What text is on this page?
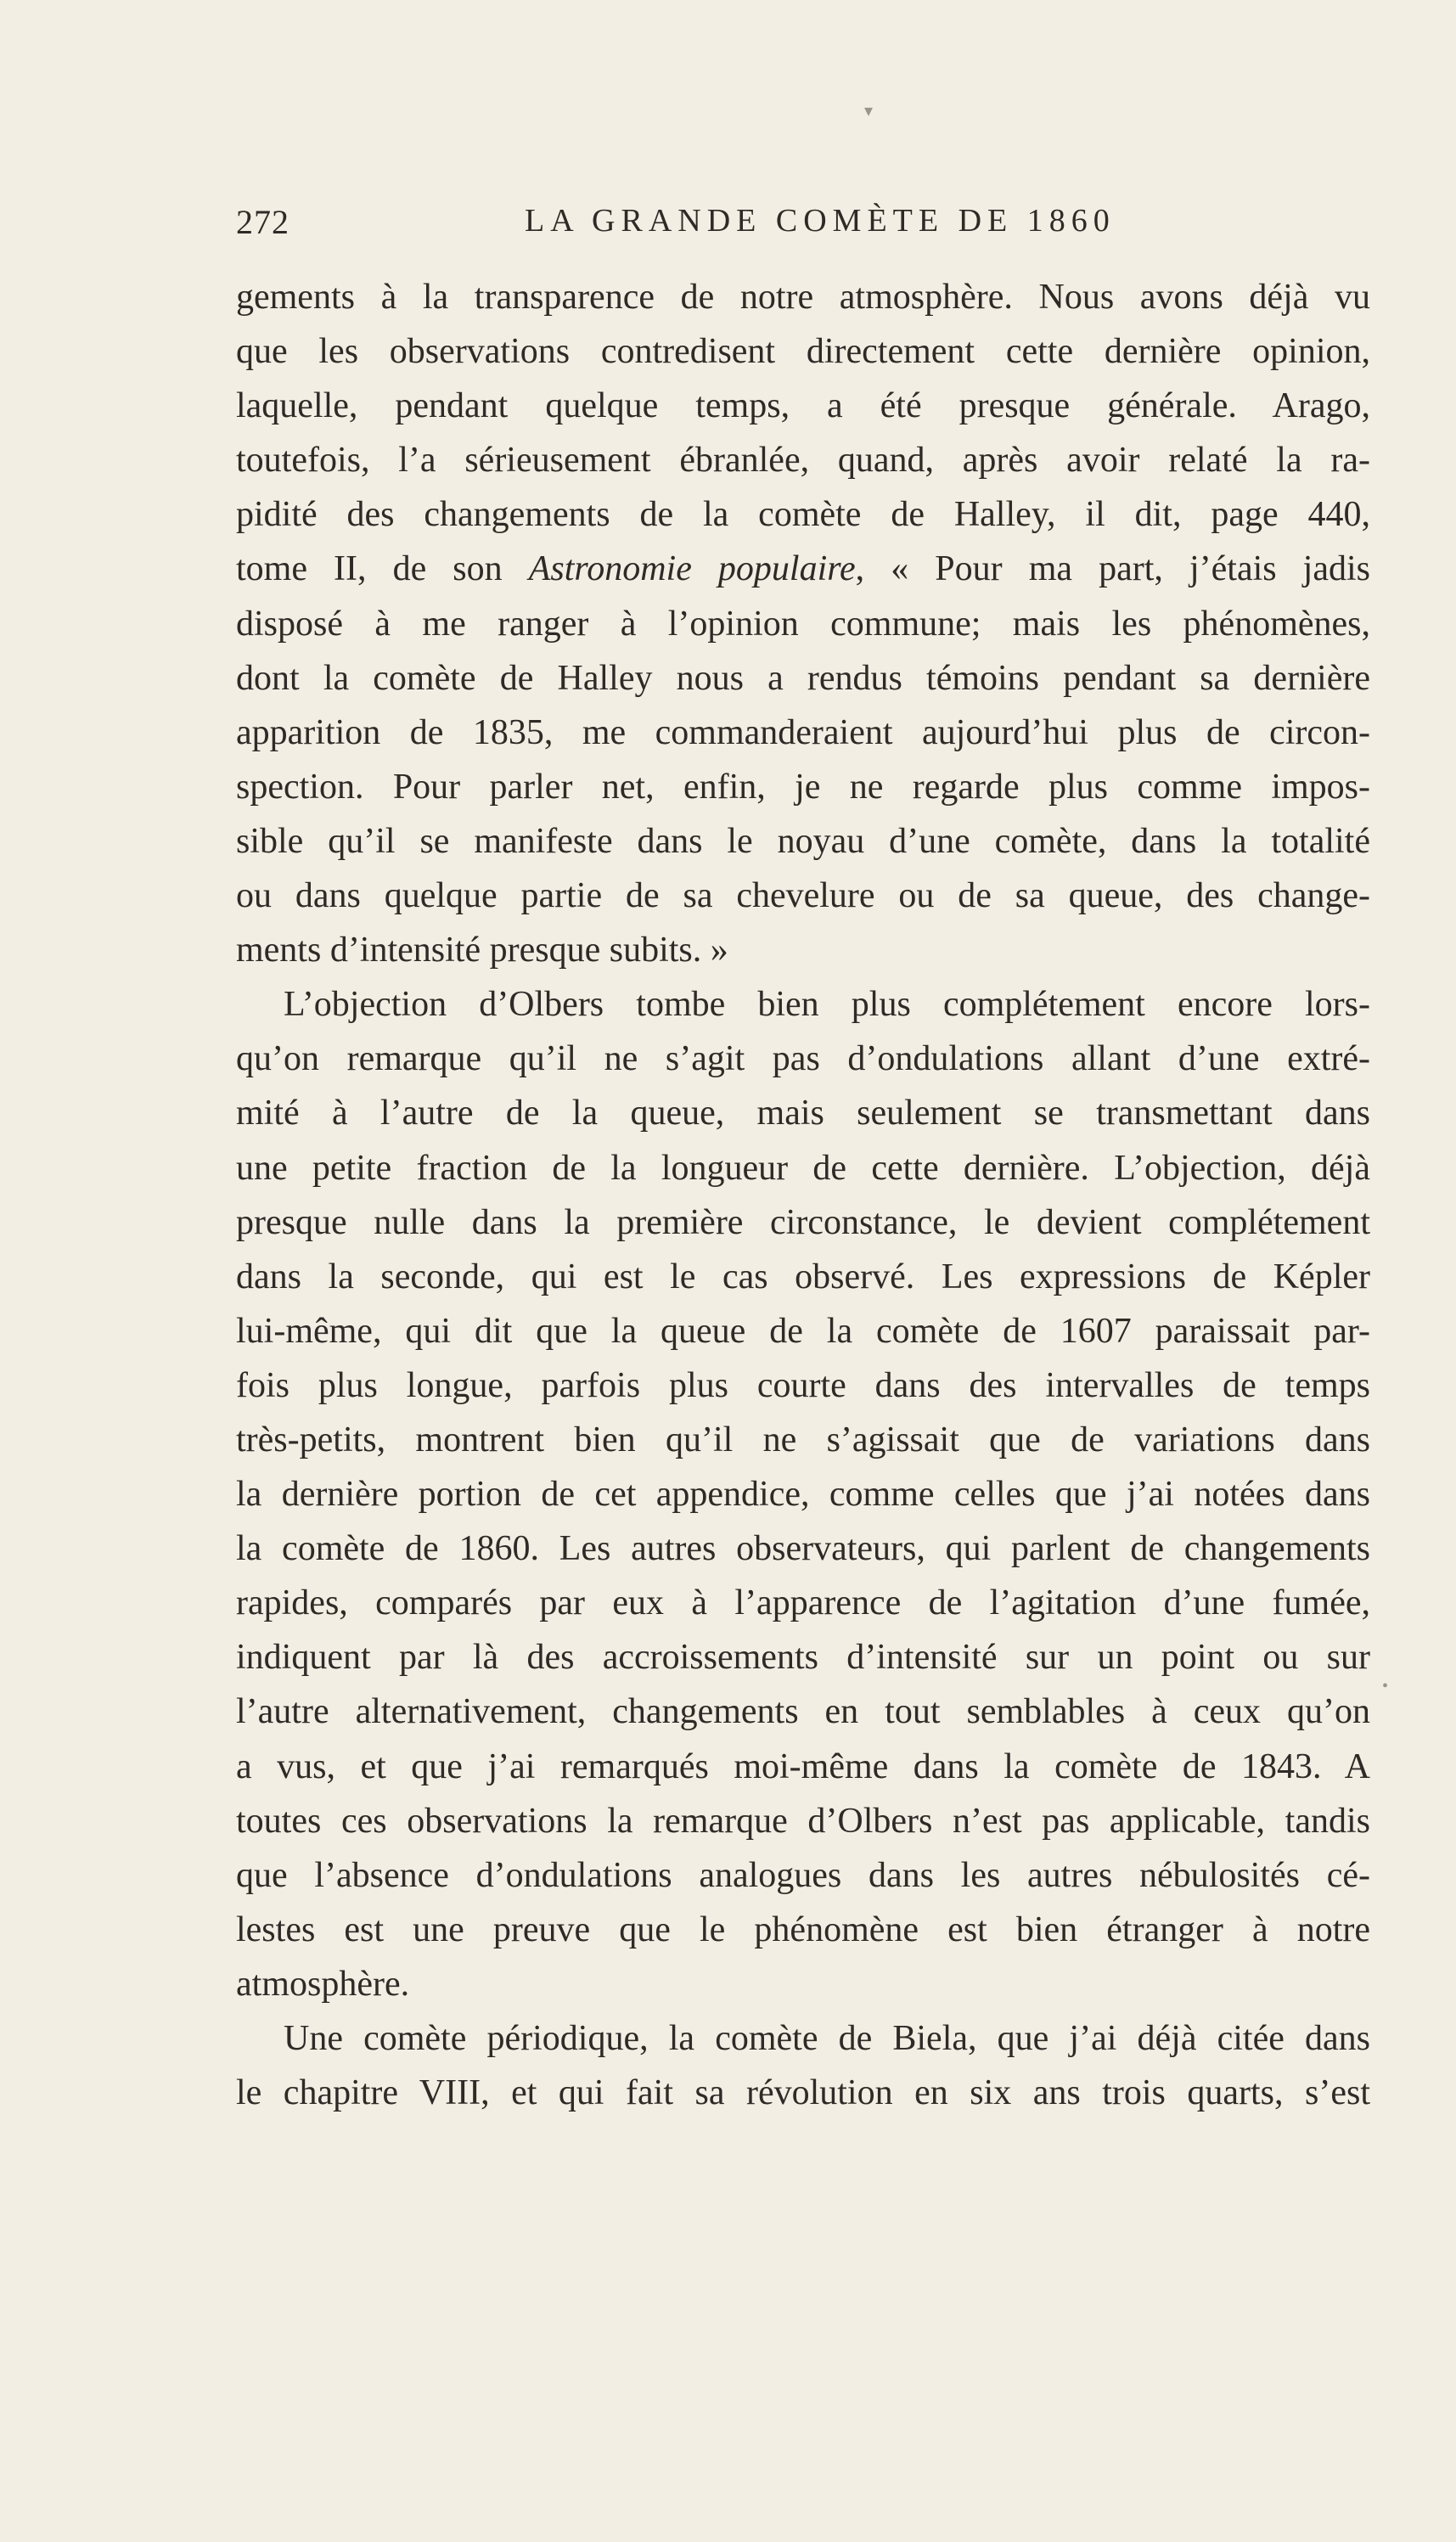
▾
•
272	LA GRANDE COMÈTE DE 1860
gements à la transparence de notre atmosphère. Nous avons déjà vu
que les observations contredisent directement cette dernière opinion,
laquelle, pendant quelque temps, a été presque générale. Arago,
toutefois, l’a sérieusement ébranlée, quand, après avoir relaté la ra-
pidité des changements de la comète de Halley, il dit, page 440,
tome II, de son Astronomie populaire, « Pour ma part, j’étais jadis
disposé à me ranger à l’opinion commune; mais les phénomènes,
dont la comète de Halley nous a rendus témoins pendant sa dernière
apparition de 1835, me commanderaient aujourd’hui plus de circon-
spection. Pour parler net, enfin, je ne regarde plus comme impos-
sible qu’il se manifeste dans le noyau d’une comète, dans la totalité
ou dans quelque partie de sa chevelure ou de sa queue, des change-
ments d’intensité presque subits. »
L’objection d’Olbers tombe bien plus complétement encore lors-
qu’on remarque qu’il ne s’agit pas d’ondulations allant d’une extré-
mité à l’autre de la queue, mais seulement se transmettant dans
une petite fraction de la longueur de cette dernière. L’objection, déjà
presque nulle dans la première circonstance, le devient complétement
dans la seconde, qui est le cas observé. Les expressions de Képler
lui-même, qui dit que la queue de la comète de 1607 paraissait par-
fois plus longue, parfois plus courte dans des intervalles de temps
très-petits, montrent bien qu’il ne s’agissait que de variations dans
la dernière portion de cet appendice, comme celles que j’ai notées dans
la comète de 1860. Les autres observateurs, qui parlent de changements
rapides, comparés par eux à l’apparence de l’agitation d’une fumée,
indiquent par là des accroissements d’intensité sur un point ou sur
l’autre alternativement, changements en tout semblables à ceux qu’on
a vus, et que j’ai remarqués moi-même dans la comète de 1843. A
toutes ces observations la remarque d’Olbers n’est pas applicable, tandis
que l’absence d’ondulations analogues dans les autres nébulosités cé-
lestes est une preuve que le phénomène est bien étranger à notre
atmosphère.
Une comète périodique, la comète de Biela, que j’ai déjà citée dans
le chapitre VIII, et qui fait sa révolution en six ans trois quarts, s’est
